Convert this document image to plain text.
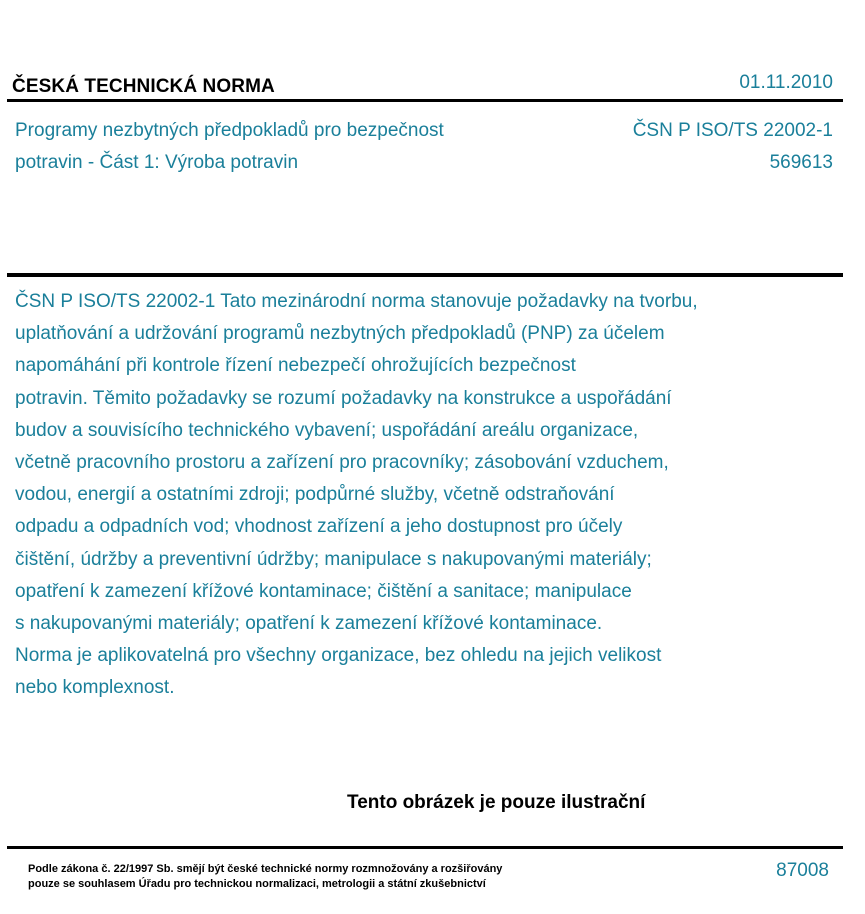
ČESKÁ TECHNICKÁ NORMA	01.11.2010
Programy nezbytných předpokladů pro bezpečnost
potravin - Část 1: Výroba potravin
ČSN P ISO/TS 22002-1
569613
ČSN P ISO/TS 22002-1 Tato mezinárodní norma stanovuje požadavky na tvorbu,
uplatňování a udržování programů nezbytných předpokladů (PNP) za účelem
napomáhání při kontrole řízení nebezpečí ohrožujících bezpečnost
potravin. Těmito požadavky se rozumí požadavky na konstrukce a uspořádání
budov a souvisícího technického vybavení; uspořádání areálu organizace,
včetně pracovního prostoru a zařízení pro pracovníky; zásobování vzduchem,
vodou, energií a ostatními zdroji; podpůrné služby, včetně odstraňování
odpadu a odpadních vod; vhodnost zařízení a jeho dostupnost pro účely
čištění, údržby a preventivní údržby; manipulace s nakupovanými materiály;
opatření k zamezení křížové kontaminace; čištění a sanitace; manipulace
s nakupovanými materiály; opatření k zamezení křížové kontaminace.
Norma je aplikovatelná pro všechny organizace, bez ohledu na jejich velikost
nebo komplexnost.
Tento obrázek je pouze ilustrační
Podle zákona č. 22/1997 Sb. smějí být české technické normy rozmnožovány a rozšiřovány
pouze se souhlasem Úřadu pro technickou normalizaci, metrologii a státní zkušebnictví
87008
